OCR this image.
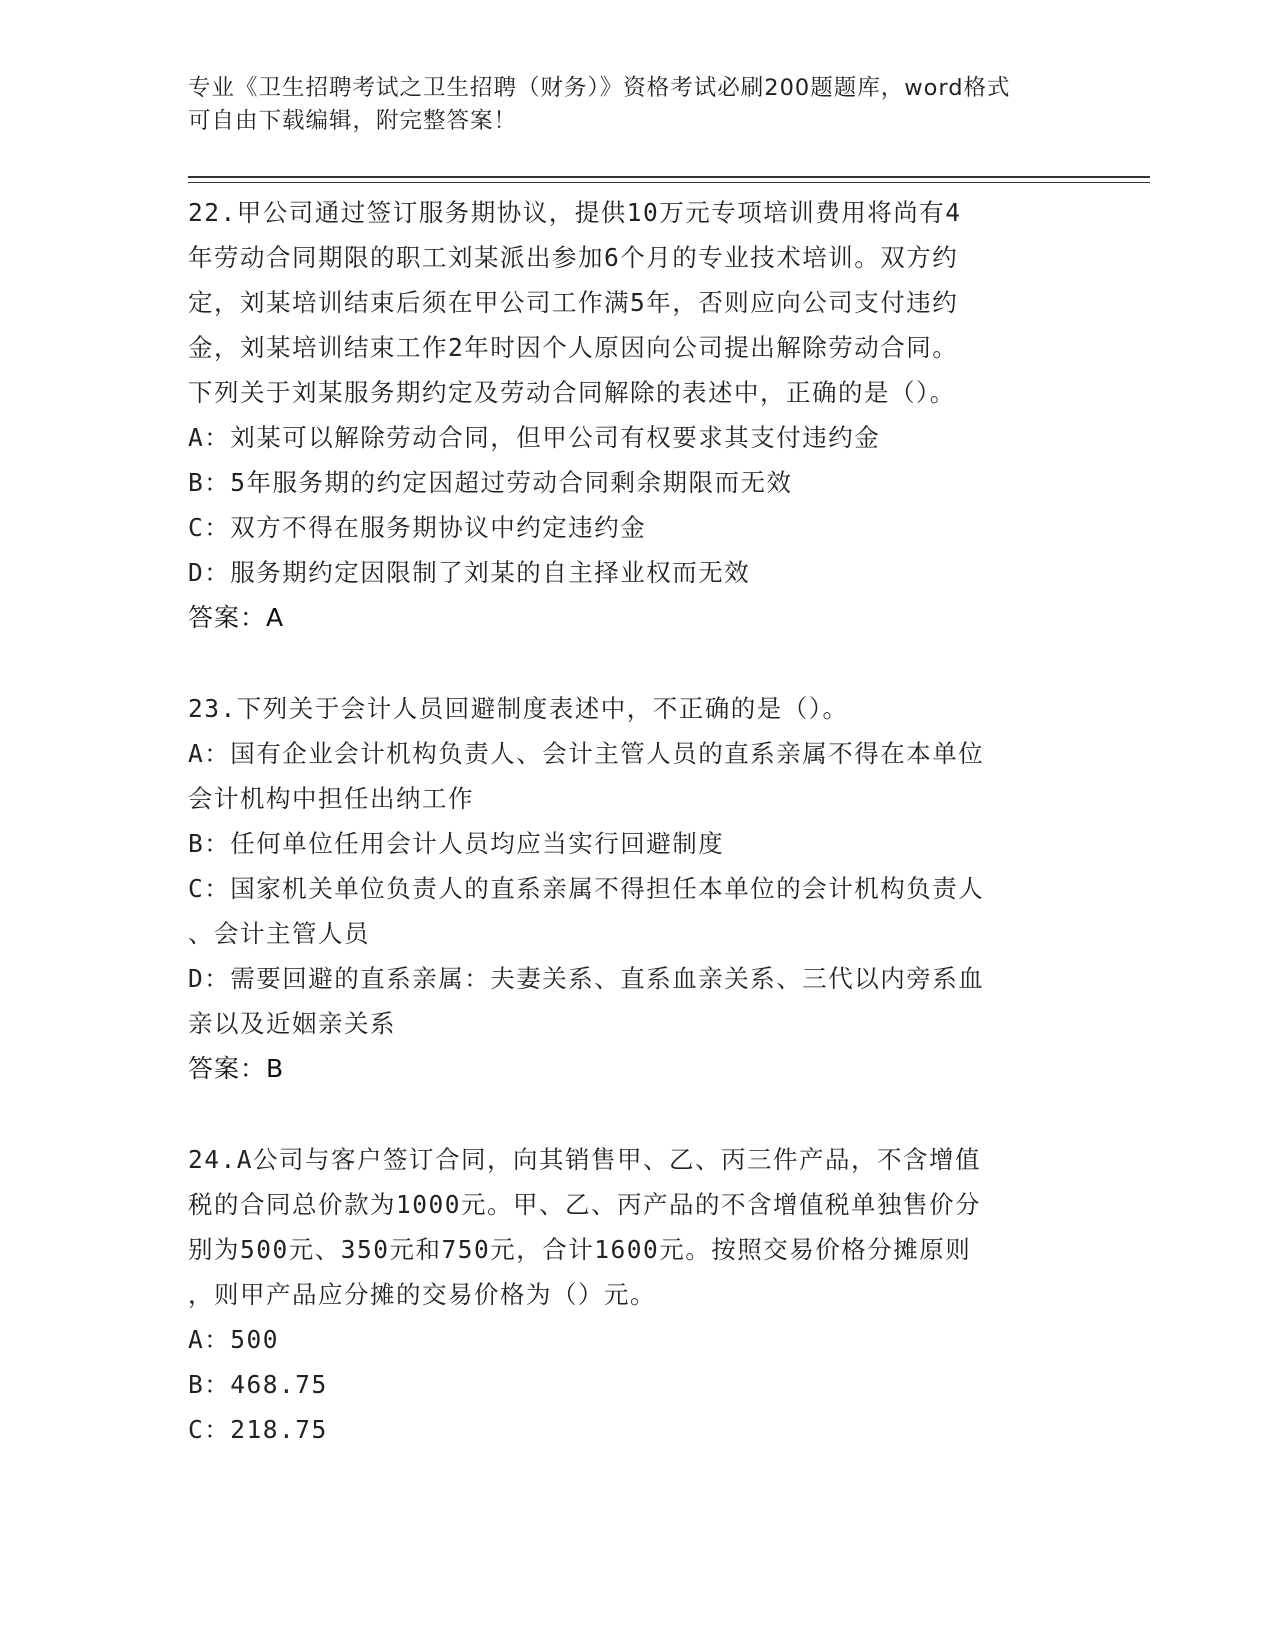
专业《卫生招聘考试之卫生招聘（财务）》资格考试必刷200题题库，word格式
可自由下载编辑，附完整答案！
22.甲公司通过签订服务期协议，提供10万元专项培训费用将尚有4
年劳动合同期限的职工刘某派出参加6个月的专业技术培训。双方约
定，刘某培训结束后须在甲公司工作满5年，否则应向公司支付违约
金，刘某培训结束工作2年时因个人原因向公司提出解除劳动合同。
下列关于刘某服务期约定及劳动合同解除的表述中，正确的是（）。
A：刘某可以解除劳动合同，但甲公司有权要求其支付违约金
B：5年服务期的约定因超过劳动合同剩余期限而无效
C：双方不得在服务期协议中约定违约金
D：服务期约定因限制了刘某的自主择业权而无效
答案：A
23.下列关于会计人员回避制度表述中，不正确的是（）。
A：国有企业会计机构负责人、会计主管人员的直系亲属不得在本单位
会计机构中担任出纳工作
B：任何单位任用会计人员均应当实行回避制度
C：国家机关单位负责人的直系亲属不得担任本单位的会计机构负责人
、会计主管人员
D：需要回避的直系亲属：夫妻关系、直系血亲关系、三代以内旁系血
亲以及近姻亲关系
答案：B
24.A公司与客户签订合同，向其销售甲、乙、丙三件产品，不含增值
税的合同总价款为1000元。甲、乙、丙产品的不含增值税单独售价分
别为500元、350元和750元，合计1600元。按照交易价格分摊原则
，则甲产品应分摊的交易价格为（）元。
A：500
B：468.75
C：218.75
